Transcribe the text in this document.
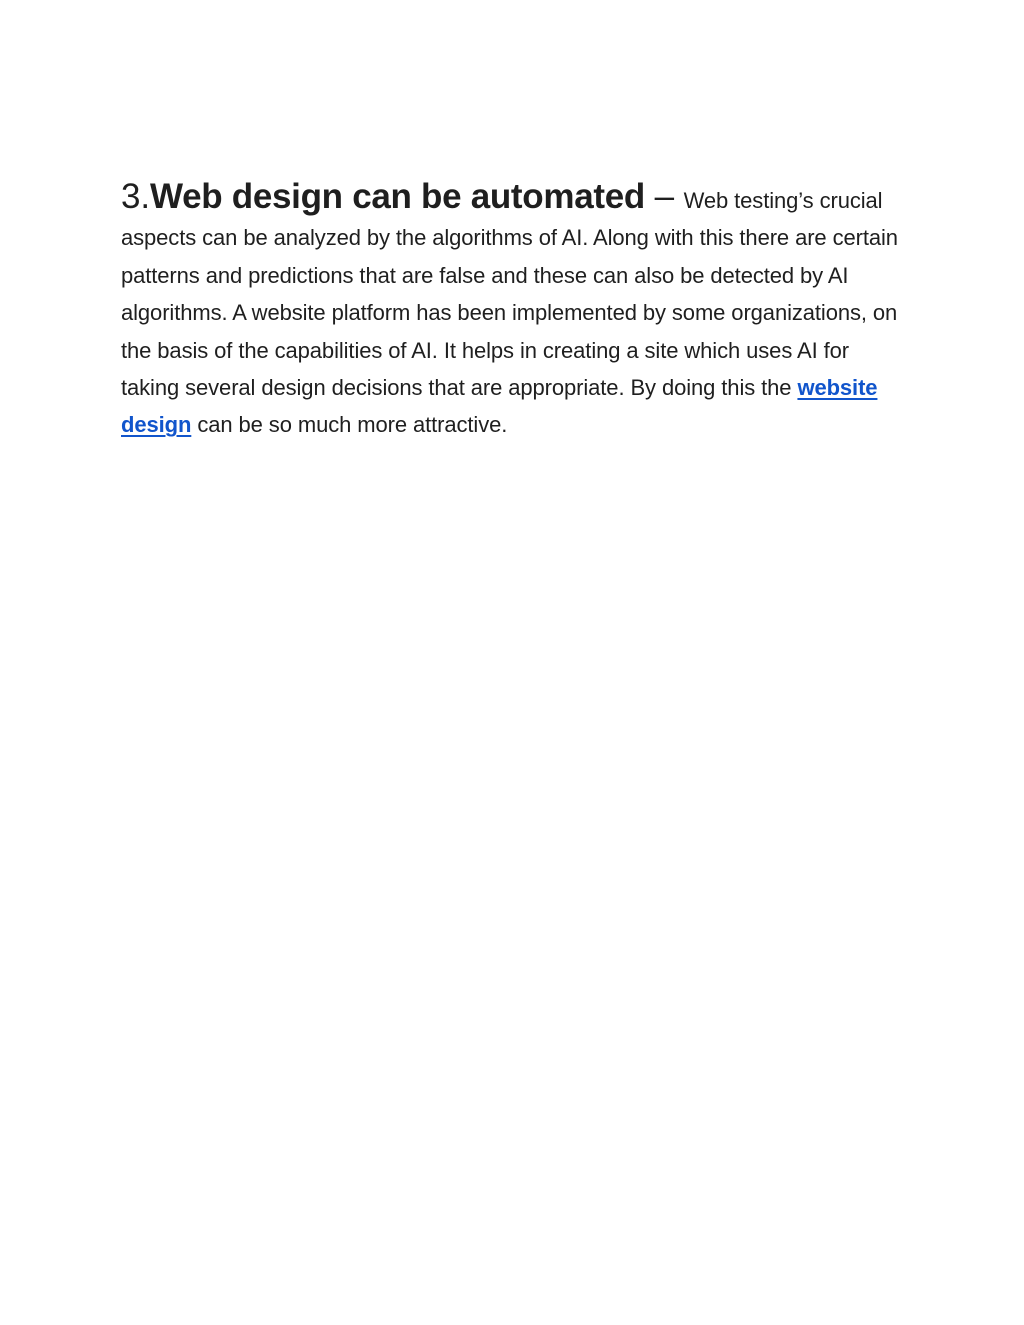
3.Web design can be automated – Web testing’s crucial aspects can be analyzed by the algorithms of AI. Along with this there are certain patterns and predictions that are false and these can also be detected by AI algorithms. A website platform has been implemented by some organizations, on the basis of the capabilities of AI. It helps in creating a site which uses AI for taking several design decisions that are appropriate. By doing this the website design can be so much more attractive.
